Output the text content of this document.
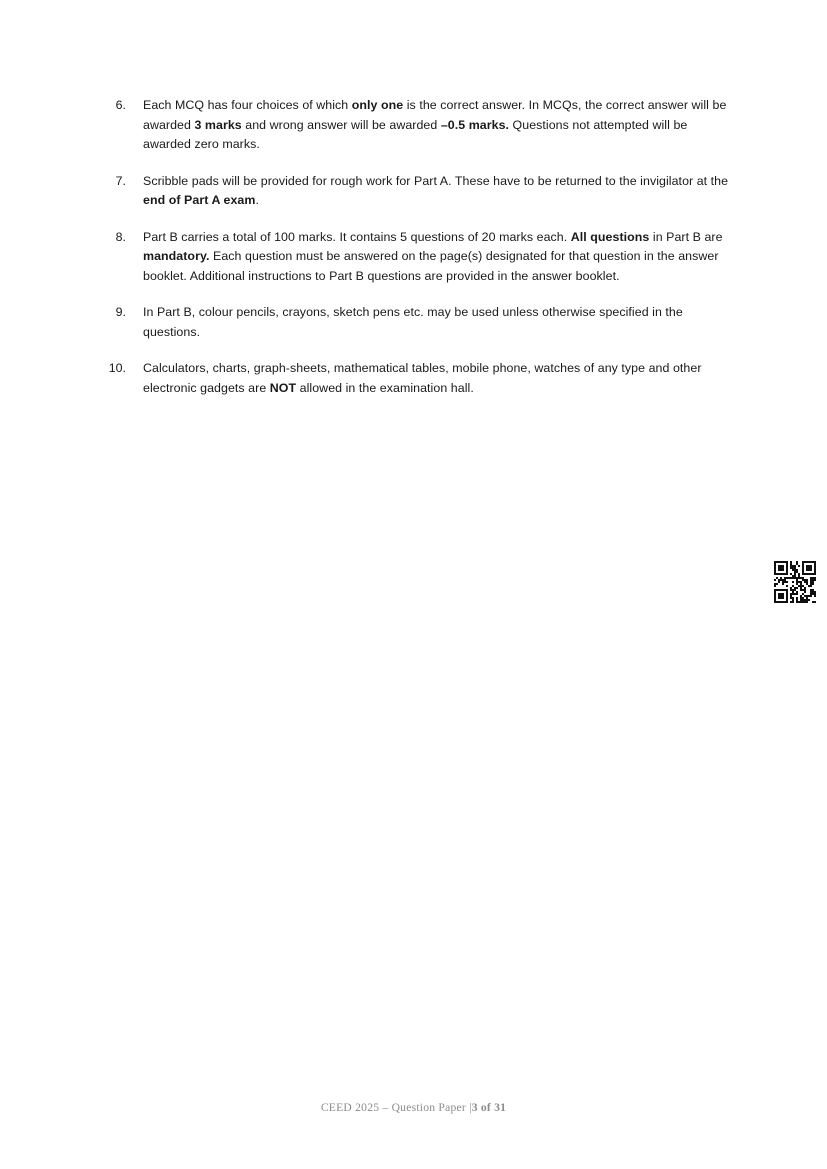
6.	Each MCQ has four choices of which only one is the correct answer. In MCQs, the correct answer will be awarded 3 marks and wrong answer will be awarded –0.5 marks. Questions not attempted will be awarded zero marks.
7.	Scribble pads will be provided for rough work for Part A. These have to be returned to the invigilator at the end of Part A exam.
8.	Part B carries a total of 100 marks. It contains 5 questions of 20 marks each. All questions in Part B are mandatory. Each question must be answered on the page(s) designated for that question in the answer booklet. Additional instructions to Part B questions are provided in the answer booklet.
9.	In Part B, colour pencils, crayons, sketch pens etc. may be used unless otherwise specified in the questions.
10.	Calculators, charts, graph-sheets, mathematical tables, mobile phone, watches of any type and other electronic gadgets are NOT allowed in the examination hall.
CEED 2025 – Question Paper |3 of 31
